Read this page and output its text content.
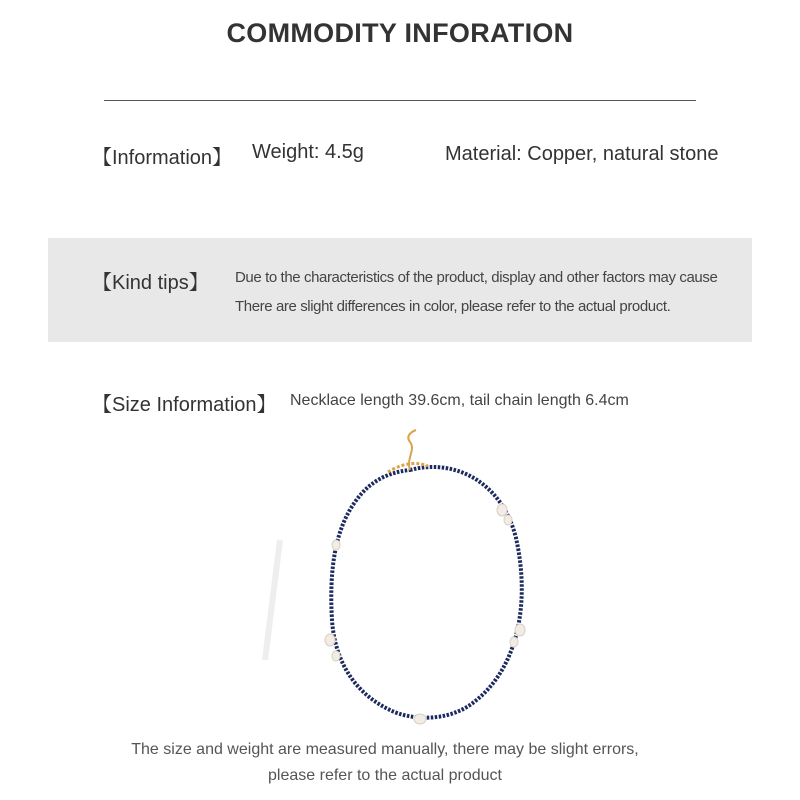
COMMODITY INFORATION
【Information】 Weight: 4.5g	Material: Copper, natural stone
【Kind tips】 Due to the characteristics of the product, display and other factors may cause
There are slight differences in color, please refer to the actual product.
【Size Information】 Necklace length 39.6cm, tail chain length 6.4cm
The size and weight are measured manually, there may be slight errors,
please refer to the actual product
